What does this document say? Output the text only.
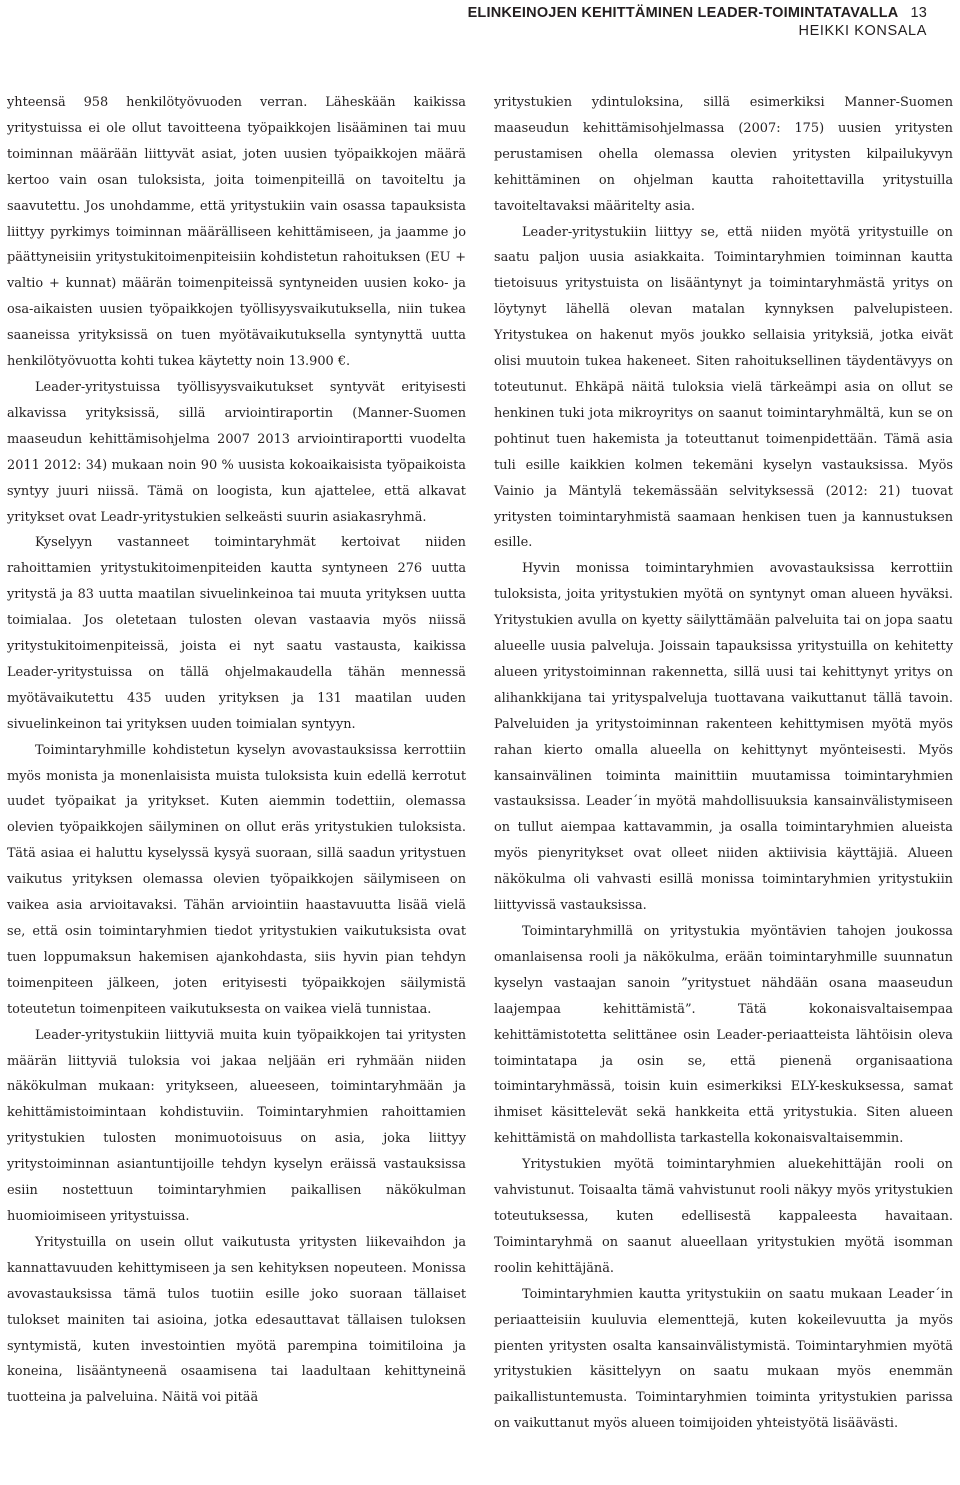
ELINKEINOJEN KEHITTÄMINEN LEADER-TOIMINTATAVALLA 13
HEIKKI KONSALA

yhteensä 958 henkilötyövuoden verran. Läheskään kaikissa yritystuissa ei ole ollut tavoitteena työpaikkojen lisääminen tai muu toiminnan määrään liittyvät asiat, joten uusien työpaikkojen määrä kertoo vain osan tuloksista, joita toimenpiteillä on tavoiteltu ja saavutettu. Jos unohdamme, että yritystukiin vain osassa tapauksista liittyy pyrkimys toiminnan määrälliseen kehittämiseen, ja jaamme jo päättyneisiin yritystukitoimenpiteisiin kohdistetun rahoituksen (EU + valtio + kunnat) määrän toimenpiteissä syntyneiden uusien koko- ja osa-aikaisten uusien työpaikkojen työllisyysvaikutuksella, niin tukea saaneissa yrityksissä on tuen myötävaikutuksella syntynyttä uutta henkilötyövuotta kohti tukea käytetty noin 13.900 €.

Leader-yritystuissa työllisyysvaikutukset syntyvät erityisesti alkavissa yrityksissä, sillä arviointiraportin (Manner-Suomen maaseudun kehittämisohjelma 2007 2013 arviointiraportti vuodelta 2011 2012: 34) mukaan noin 90 % uusista kokoaikaisista työpaikoista syntyy juuri niissä. Tämä on loogista, kun ajattelee, että alkavat yritykset ovat Leadr-yritystukien selkeästi suurin asiakasryhmä.

Kyselyyn vastanneet toimintaryhmät kertoivat niiden rahoittamien yritystukitoimenpiteiden kautta syntyneen 276 uutta yritystä ja 83 uutta maatilan sivuelinkeinoa tai muuta yrityksen uutta toimialaa. Jos oletetaan tulosten olevan vastaavia myös niissä yritystukitoimenpiteissä, joista ei nyt saatu vastausta, kaikissa Leader-yritystuissa on tällä ohjelmakaudella tähän mennessä myötävaikutettu 435 uuden yrityksen ja 131 maatilan uuden sivuelinkeinon tai yrityksen uuden toimialan syntyyn.

Toimintaryhmille kohdistetun kyselyn avovastauksissa kerrottiin myös monista ja monenlaisista muista tuloksista kuin edellä kerrotut uudet työpaikat ja yritykset. Kuten aiemmin todettiin, olemassa olevien työpaikkojen säilyminen on ollut eräs yritystukien tuloksista. Tätä asiaa ei haluttu kyselyssä kysyä suoraan, sillä saadun yritystuen vaikutus yrityksen olemassa olevien työpaikkojen säilymiseen on vaikea asia arvioitavaksi. Tähän arviointiin haastavuutta lisää vielä se, että osin toimintaryhmien tiedot yritystukien vaikutuksista ovat tuen loppumaksun hakemisen ajankohdasta, siis hyvin pian tehdyn toimenpiteen jälkeen, joten erityisesti työpaikkojen säilymistä toteutetun toimenpiteen vaikutuksesta on vaikea vielä tunnistaa.

Leader-yritystukiin liittyviä muita kuin työpaikkojen tai yritysten määrän liittyviä tuloksia voi jakaa neljään eri ryhmään niiden näkökulman mukaan: yritykseen, alueeseen, toimintaryhmään ja kehittämistoimintaan kohdistuviin. Toimintaryhmien rahoittamien yritystukien tulosten monimuotoisuus on asia, joka liittyy yritystoiminnan asiantuntijoille tehdyn kyselyn eräissä vastauksissa esiin nostettuun toimintaryhmien paikallisen näkökulman huomioimiseen yritystuissa.

Yritystuilla on usein ollut vaikutusta yritysten liikevaihdon ja kannattavuuden kehittymiseen ja sen kehityksen nopeuteen. Monissa avovastauksissa tämä tulos tuotiin esille joko suoraan tällaiset tulokset mainiten tai asioina, jotka edesauttavat tällaisen tuloksen syntymistä, kuten investointien myötä parempina toimitiloina ja koneina, lisääntyneenä osaamisena tai laadultaan kehittyneinä tuotteina ja palveluina. Näitä voi pitää

yritystukien ydintuloksina, sillä esimerkiksi Manner-Suomen maaseudun kehittämisohjelmassa (2007: 175) uusien yritysten perustamisen ohella olemassa olevien yritysten kilpailukyvyn kehittäminen on ohjelman kautta rahoitettavilla yritystuilla tavoiteltavaksi määritelty asia.

Leader-yritystukiin liittyy se, että niiden myötä yritystuille on saatu paljon uusia asiakkaita. Toimintaryhmien toiminnan kautta tietoisuus yritystuista on lisääntynyt ja toimintaryhmästä yritys on löytynyt lähellä olevan matalan kynnyksen palvelupisteen. Yritystukea on hakenut myös joukko sellaisia yrityksiä, jotka eivät olisi muutoin tukea hakeneet. Siten rahoituksellinen täydentävyys on toteutunut. Ehkäpä näitä tuloksia vielä tärkeämpi asia on ollut se henkinen tuki jota mikroyritys on saanut toimintaryhmältä, kun se on pohtinut tuen hakemista ja toteuttanut toimenpidettään. Tämä asia tuli esille kaikkien kolmen tekemäni kyselyn vastauksissa. Myös Vainio ja Mäntylä tekemässään selvityksessä (2012: 21) tuovat yritysten toimintaryhmistä saamaan henkisen tuen ja kannustuksen esille.

Hyvin monissa toimintaryhmien avovastauksissa kerrottiin tuloksista, joita yritystukien myötä on syntynyt oman alueen hyväksi. Yritystukien avulla on kyetty säilyttämään palveluita tai on jopa saatu alueelle uusia palveluja. Joissain tapauksissa yritystuilla on kehitetty alueen yritystoiminnan rakennetta, sillä uusi tai kehittynyt yritys on alihankkijana tai yrityspalveluja tuottavana vaikuttanut tällä tavoin. Palveluiden ja yritystoiminnan rakenteen kehittymisen myötä myös rahan kierto omalla alueella on kehittynyt myönteisesti. Myös kansainvälinen toiminta mainittiin muutamissa toimintaryhmien vastauksissa. Leader´in myötä mahdollisuuksia kansainvälistymiseen on tullut aiempaa kattavammin, ja osalla toimintaryhmien alueista myös pienyritykset ovat olleet niiden aktiivisia käyttäjiä. Alueen näkökulma oli vahvasti esillä monissa toimintaryhmien yritystukiin liittyvissä vastauksissa.

Toimintaryhmillä on yritystukia myöntävien tahojen joukossa omanlaisensa rooli ja näkökulma, erään toimintaryhmille suunnatun kyselyn vastaajan sanoin ”yritystuet nähdään osana maaseudun laajempaa kehittämistä”. Tätä kokonaisvaltaisempaa kehittämistotetta selittänee osin Leader-periaatteista lähtöisin oleva toimintatapa ja osin se, että pienenä organisaationa toimintaryhmässä, toisin kuin esimerkiksi ELY-keskuksessa, samat ihmiset käsittelevät sekä hankkeita että yritystukia. Siten alueen kehittämistä on mahdollista tarkastella kokonaisvaltaisemmin.

Yritystukien myötä toimintaryhmien aluekehittäjän rooli on vahvistunut. Toisaalta tämä vahvistunut rooli näkyy myös yritystukien toteutuksessa, kuten edellisestä kappaleesta havaitaan. Toimintaryhmä on saanut alueellaan yritystukien myötä isomman roolin kehittäjänä.

Toimintaryhmien kautta yritystukiin on saatu mukaan Leader´in periaatteisiin kuuluvia elementtejä, kuten kokeilevuutta ja myös pienten yritysten osalta kansainvälistymistä. Toimintaryhmien myötä yritystukien käsittelyyn on saatu mukaan myös enemmän paikallistuntemusta. Toimintaryhmien toiminta yritystukien parissa on vaikuttanut myös alueen toimijoiden yhteistyötä lisäävästi.
